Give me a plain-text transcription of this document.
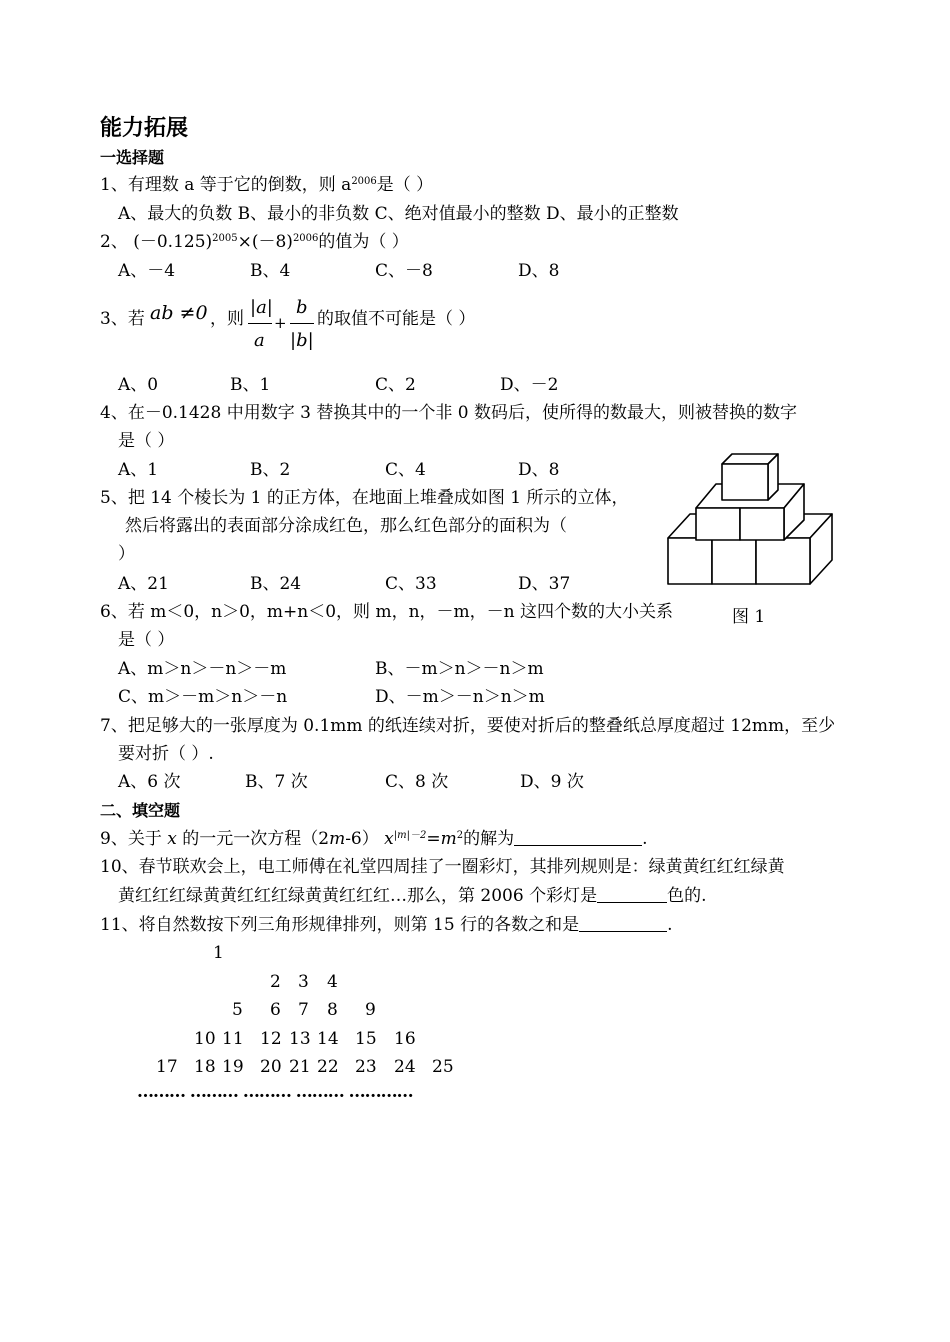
能力拓展
一选择题
1、有理数 a 等于它的倒数，则 $a^{2006}$是（ ）
A、最大的负数 B、最小的非负数 C、绝对值最小的整数 D、最小的正整数
2、 $(-0.125)^{2005}\times(-8)^{2006}$的值为（ ）
A、－4	B、4	C、－8	D、8
3、若 ab ≠0 ，则
|a|
a
+
b
|b|
的取值不可能是（ ）
A、0	B、1	C、2	D、－2
4、在－0.1428 中用数字 3 替换其中的一个非 0 数码后，使所得的数最大，则被替换的数字
是（ ）
A、1	B、2	C、4	D、8
5、把 14 个棱长为 1 的正方体，在地面上堆叠成如图 1 所示的立体，
然后将露出的表面部分涂成红色，那么红色部分的面积为（
）
A、21	B、24	C、33	D、37
图 1
6、若 m＜0，n＞0，m+n＜0，则 m，n，－m，－n 这四个数的大小关系
是（ ）
A、m＞n＞－n＞－m	B、－m＞n＞－n＞m
C、m＞－m＞n＞－n	D、－m＞－n＞n＞m
7、把足够大的一张厚度为 0.1mm 的纸连续对折，要使对折后的整叠纸总厚度超过 12mm，至少
要对折（ ）.
A、6 次	B、7 次	C、8 次	D、9 次
二、填空题
9、关于 x 的一元一次方程（2m-6） $x^{|m|-2}=m^2$的解为	.
10、春节联欢会上，电工师傅在礼堂四周挂了一圈彩灯，其排列规则是：绿黄黄红红红绿黄
黄红红红绿黄黄红红红绿黄黄红红红…那么，第 2006 个彩灯是	色的.
11、将自然数按下列三角形规律排列，则第 15 行的各数之和是	.
1
2 3 4
5 6 7 8 9
10 11 12 13 14 15 16
17 18 19 20 21 22 23 24 25
……… ……… ……… ……… …………
